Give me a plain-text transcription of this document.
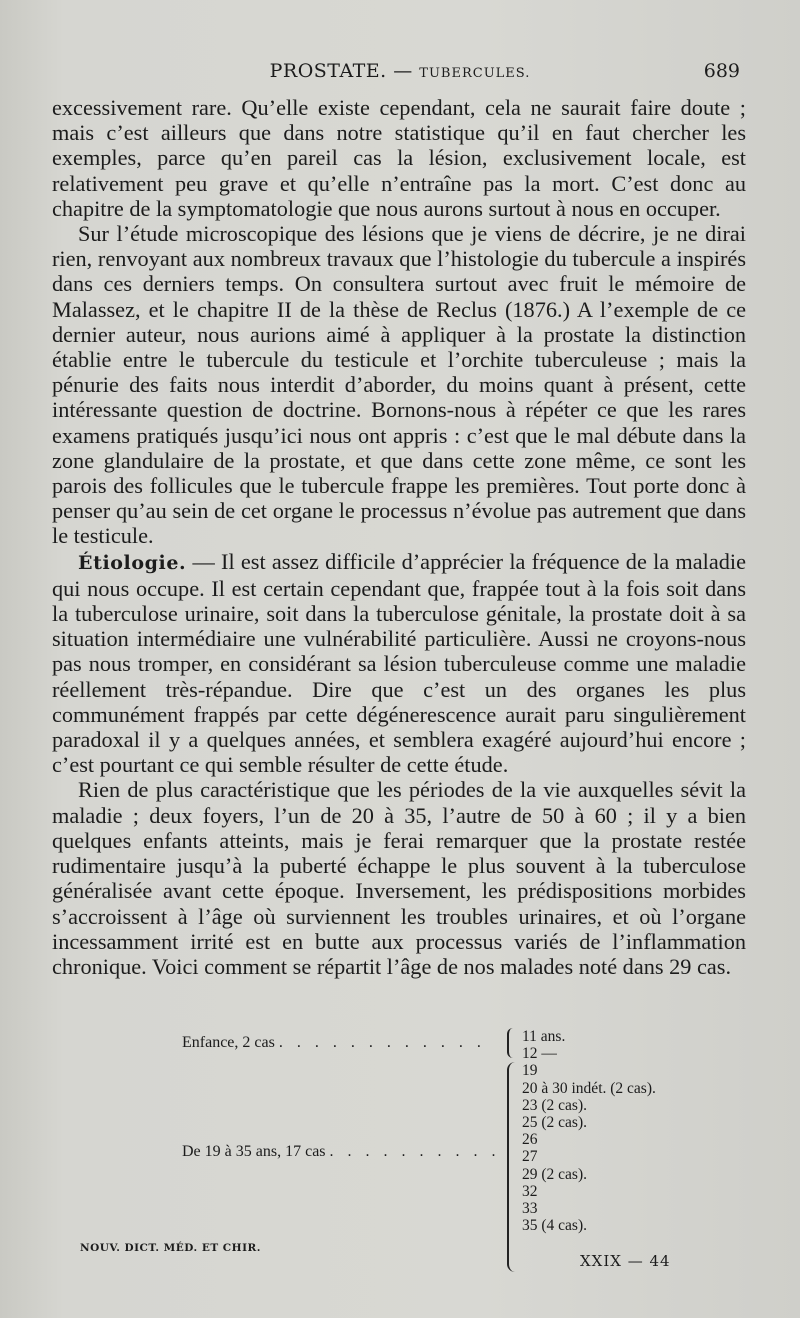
PROSTATE. — TUBERCULES.	689

excessivement rare. Qu’elle existe cependant, cela ne saurait faire doute ; mais c’est ailleurs que dans notre statistique qu’il en faut chercher les exemples, parce qu’en pareil cas la lésion, exclusivement locale, est relativement peu grave et qu’elle n’entraîne pas la mort. C’est donc au chapitre de la symptomatologie que nous aurons surtout à nous en occuper.

Sur l’étude microscopique des lésions que je viens de décrire, je ne dirai rien, renvoyant aux nombreux travaux que l’histologie du tubercule a inspirés dans ces derniers temps. On consultera surtout avec fruit le mémoire de Malassez, et le chapitre II de la thèse de Reclus (1876.) A l’exemple de ce dernier auteur, nous aurions aimé à appliquer à la prostate la distinction établie entre le tubercule du testicule et l’orchite tuberculeuse ; mais la pénurie des faits nous interdit d’aborder, du moins quant à présent, cette intéressante question de doctrine. Bornons-nous à répéter ce que les rares examens pratiqués jusqu’ici nous ont appris : c’est que le mal débute dans la zone glandulaire de la prostate, et que dans cette zone même, ce sont les parois des follicules que le tubercule frappe les premières. Tout porte donc à penser qu’au sein de cet organe le processus n’évolue pas autrement que dans le testicule.

Étiologie. — Il est assez difficile d’apprécier la fréquence de la maladie qui nous occupe. Il est certain cependant que, frappée tout à la fois soit dans la tuberculose urinaire, soit dans la tuberculose génitale, la prostate doit à sa situation intermédiaire une vulnérabilité particulière. Aussi ne croyons-nous pas nous tromper, en considérant sa lésion tuberculeuse comme une maladie réellement très-répandue. Dire que c’est un des organes les plus communément frappés par cette dégénerescence aurait paru singulièrement paradoxal il y a quelques années, et semblera exagéré aujourd’hui encore ; c’est pourtant ce qui semble résulter de cette étude.

Rien de plus caractéristique que les périodes de la vie auxquelles sévit la maladie ; deux foyers, l’un de 20 à 35, l’autre de 50 à 60 ; il y a bien quelques enfants atteints, mais je ferai remarquer que la prostate restée rudimentaire jusqu’à la puberté échappe le plus souvent à la tuberculose généralisée avant cette époque. Inversement, les prédispositions morbides s’accroissent à l’âge où surviennent les troubles urinaires, et où l’organe incessamment irrité est en butte aux processus variés de l’inflammation chronique. Voici comment se répartit l’âge de nos malades noté dans 29 cas.

Enfance, 2 cas . . . . . . . . . . . .
De 19 à 35 ans, 17 cas . . . . . . . . . .
11 ans.
12 —
19
20 à 30 indét. (2 cas).
23 (2 cas).
25 (2 cas).
26
27
29 (2 cas).
32
33
35 (4 cas).
NOUV. DICT. MÉD. ET CHIR.
XXIX — 44
